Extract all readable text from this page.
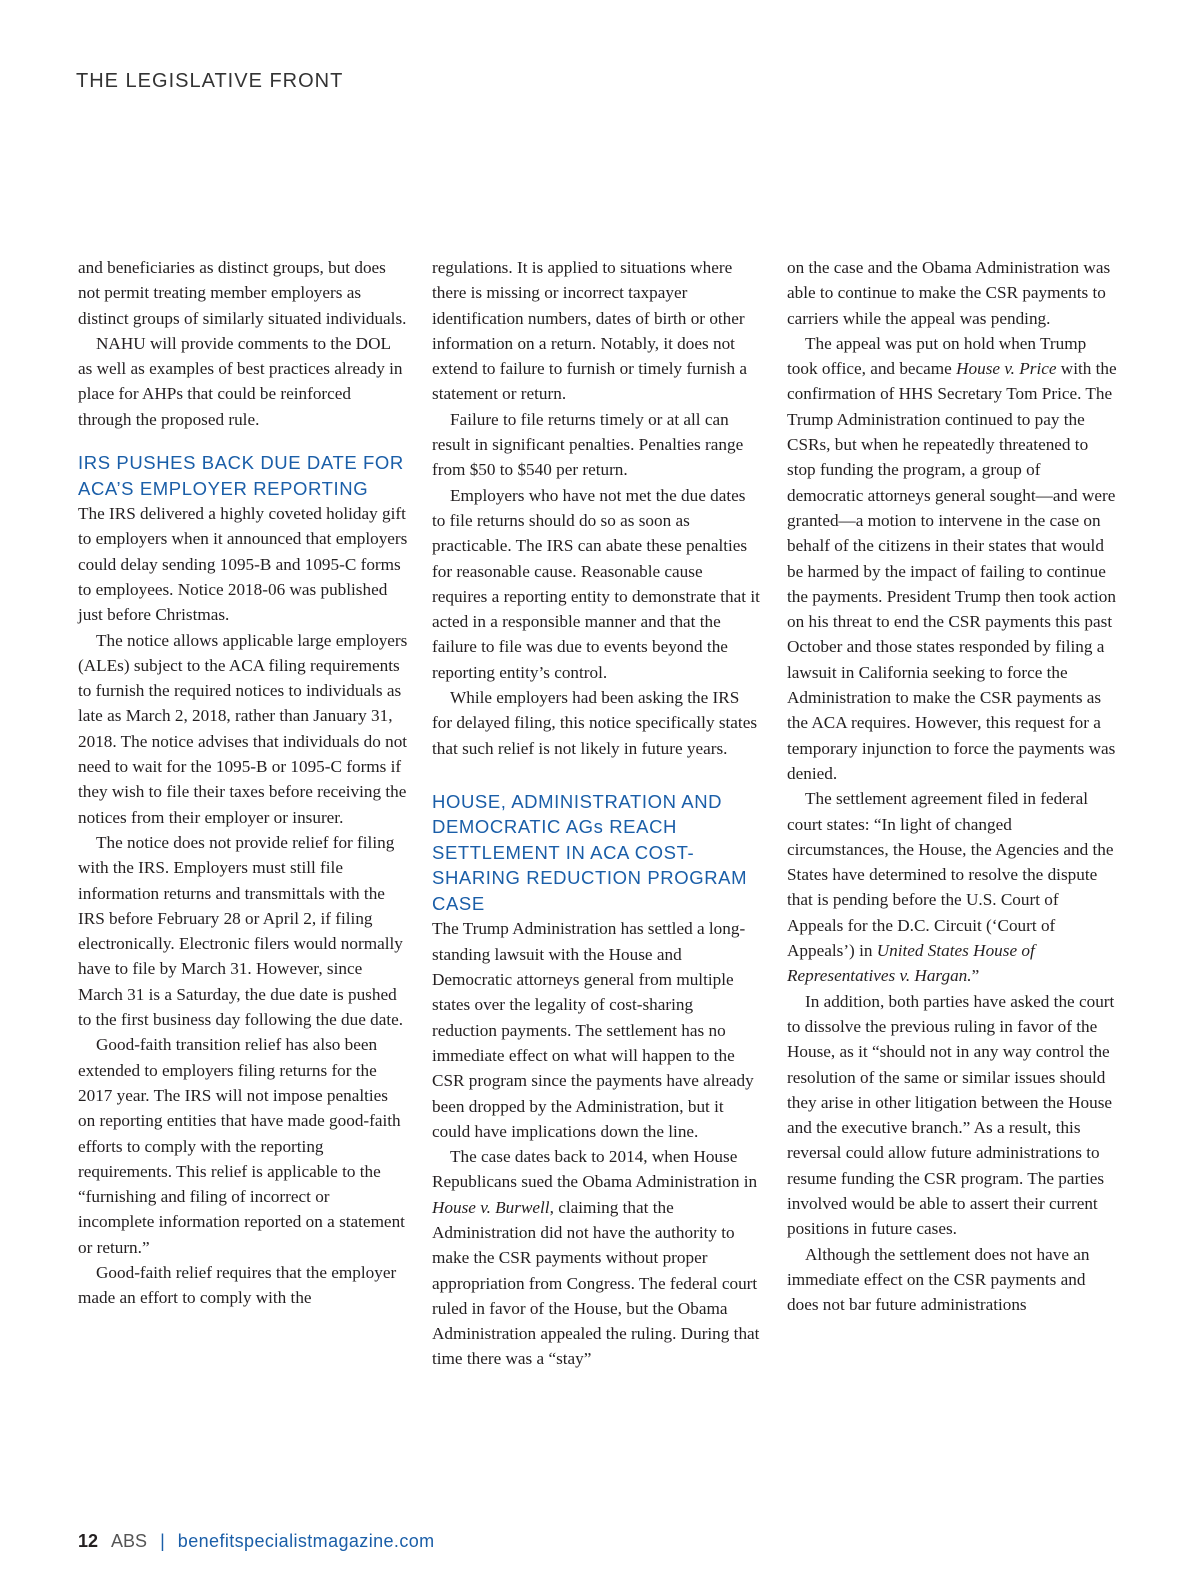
THE LEGISLATIVE FRONT

and beneficiaries as distinct groups, but does not permit treating member employers as distinct groups of similarly situated individuals.

NAHU will provide comments to the DOL as well as examples of best practices already in place for AHPs that could be reinforced through the proposed rule.

IRS PUSHES BACK DUE DATE FOR ACA’S EMPLOYER REPORTING

The IRS delivered a highly coveted holiday gift to employers when it announced that employers could delay sending 1095-B and 1095-C forms to employees. Notice 2018-06 was published just before Christmas.

The notice allows applicable large employers (ALEs) subject to the ACA filing requirements to furnish the required notices to individuals as late as March 2, 2018, rather than January 31, 2018. The notice advises that individuals do not need to wait for the 1095-B or 1095-C forms if they wish to file their taxes before receiving the notices from their employer or insurer.

The notice does not provide relief for filing with the IRS. Employers must still file information returns and transmittals with the IRS before February 28 or April 2, if filing electronically. Electronic filers would normally have to file by March 31. However, since March 31 is a Saturday, the due date is pushed to the first business day following the due date.

Good-faith transition relief has also been extended to employers filing returns for the 2017 year. The IRS will not impose penalties on reporting entities that have made good-faith efforts to comply with the reporting requirements. This relief is applicable to the “furnishing and filing of incorrect or incomplete information reported on a statement or return.”

Good-faith relief requires that the employer made an effort to comply with the

regulations. It is applied to situations where there is missing or incorrect taxpayer identification numbers, dates of birth or other information on a return. Notably, it does not extend to failure to furnish or timely furnish a statement or return.

Failure to file returns timely or at all can result in significant penalties. Penalties range from $50 to $540 per return.

Employers who have not met the due dates to file returns should do so as soon as practicable. The IRS can abate these penalties for reasonable cause. Reasonable cause requires a reporting entity to demonstrate that it acted in a responsible manner and that the failure to file was due to events beyond the reporting entity’s control.

While employers had been asking the IRS for delayed filing, this notice specifically states that such relief is not likely in future years.

HOUSE, ADMINISTRATION AND DEMOCRATIC AGs REACH SETTLEMENT IN ACA COST-SHARING REDUCTION PROGRAM CASE

The Trump Administration has settled a long-standing lawsuit with the House and Democratic attorneys general from multiple states over the legality of cost-sharing reduction payments. The settlement has no immediate effect on what will happen to the CSR program since the payments have already been dropped by the Administration, but it could have implications down the line.

The case dates back to 2014, when House Republicans sued the Obama Administration in House v. Burwell, claiming that the Administration did not have the authority to make the CSR payments without proper appropriation from Congress. The federal court ruled in favor of the House, but the Obama Administration appealed the ruling. During that time there was a “stay”

on the case and the Obama Administration was able to continue to make the CSR payments to carriers while the appeal was pending.

The appeal was put on hold when Trump took office, and became House v. Price with the confirmation of HHS Secretary Tom Price. The Trump Administration continued to pay the CSRs, but when he repeatedly threatened to stop funding the program, a group of democratic attorneys general sought—and were granted—a motion to intervene in the case on behalf of the citizens in their states that would be harmed by the impact of failing to continue the payments. President Trump then took action on his threat to end the CSR payments this past October and those states responded by filing a lawsuit in California seeking to force the Administration to make the CSR payments as the ACA requires. However, this request for a temporary injunction to force the payments was denied.

The settlement agreement filed in federal court states: “In light of changed circumstances, the House, the Agencies and the States have determined to resolve the dispute that is pending before the U.S. Court of Appeals for the D.C. Circuit (‘Court of Appeals’) in United States House of Representatives v. Hargan.”

In addition, both parties have asked the court to dissolve the previous ruling in favor of the House, as it “should not in any way control the resolution of the same or similar issues should they arise in other litigation between the House and the executive branch.” As a result, this reversal could allow future administrations to resume funding the CSR program. The parties involved would be able to assert their current positions in future cases.

Although the settlement does not have an immediate effect on the CSR payments and does not bar future administrations

12 ABS | benefitspecialistmagazine.com
